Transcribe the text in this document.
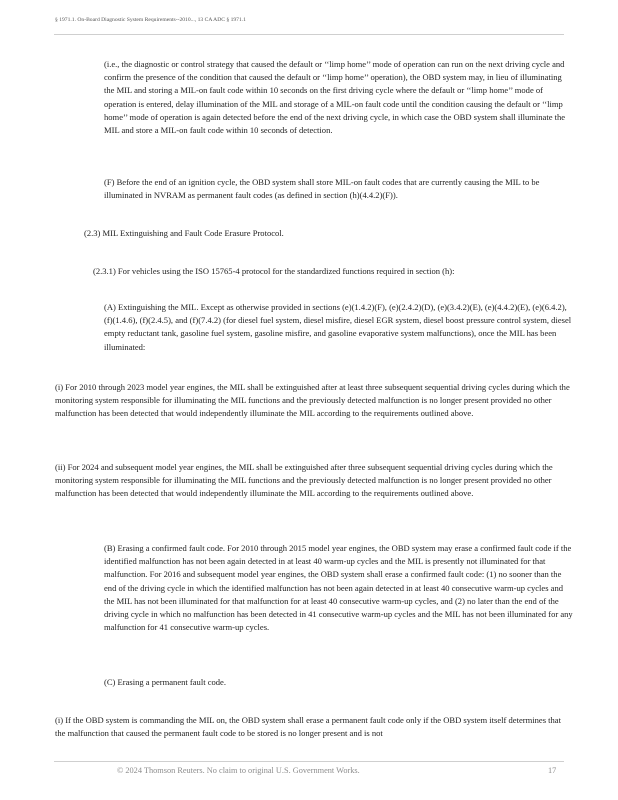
§ 1971.1. On-Board Diagnostic System Requirements--2010..., 13 CA ADC § 1971.1

(i.e., the diagnostic or control strategy that caused the default or ‘‘limp home’’ mode of operation can run on the next driving cycle and confirm the presence of the condition that caused the default or ‘‘limp home’’ operation), the OBD system may, in lieu of illuminating the MIL and storing a MIL-on fault code within 10 seconds on the first driving cycle where the default or ‘‘limp home’’ mode of operation is entered, delay illumination of the MIL and storage of a MIL-on fault code until the condition causing the default or ‘‘limp home’’ mode of operation is again detected before the end of the next driving cycle, in which case the OBD system shall illuminate the MIL and store a MIL-on fault code within 10 seconds of detection.

(F) Before the end of an ignition cycle, the OBD system shall store MIL-on fault codes that are currently causing the MIL to be illuminated in NVRAM as permanent fault codes (as defined in section (h)(4.4.2)(F)).

(2.3) MIL Extinguishing and Fault Code Erasure Protocol.

(2.3.1) For vehicles using the ISO 15765-4 protocol for the standardized functions required in section (h):

(A) Extinguishing the MIL. Except as otherwise provided in sections (e)(1.4.2)(F), (e)(2.4.2)(D), (e)(3.4.2)(E), (e)(4.4.2)(E), (e)(6.4.2), (f)(1.4.6), (f)(2.4.5), and (f)(7.4.2) (for diesel fuel system, diesel misfire, diesel EGR system, diesel boost pressure control system, diesel empty reductant tank, gasoline fuel system, gasoline misfire, and gasoline evaporative system malfunctions), once the MIL has been illuminated:

(i) For 2010 through 2023 model year engines, the MIL shall be extinguished after at least three subsequent sequential driving cycles during which the monitoring system responsible for illuminating the MIL functions and the previously detected malfunction is no longer present provided no other malfunction has been detected that would independently illuminate the MIL according to the requirements outlined above.

(ii) For 2024 and subsequent model year engines, the MIL shall be extinguished after three subsequent sequential driving cycles during which the monitoring system responsible for illuminating the MIL functions and the previously detected malfunction is no longer present provided no other malfunction has been detected that would independently illuminate the MIL according to the requirements outlined above.

(B) Erasing a confirmed fault code. For 2010 through 2015 model year engines, the OBD system may erase a confirmed fault code if the identified malfunction has not been again detected in at least 40 warm-up cycles and the MIL is presently not illuminated for that malfunction. For 2016 and subsequent model year engines, the OBD system shall erase a confirmed fault code: (1) no sooner than the end of the driving cycle in which the identified malfunction has not been again detected in at least 40 consecutive warm-up cycles and the MIL has not been illuminated for that malfunction for at least 40 consecutive warm-up cycles, and (2) no later than the end of the driving cycle in which no malfunction has been detected in 41 consecutive warm-up cycles and the MIL has not been illuminated for any malfunction for 41 consecutive warm-up cycles.

(C) Erasing a permanent fault code.

(i) If the OBD system is commanding the MIL on, the OBD system shall erase a permanent fault code only if the OBD system itself determines that the malfunction that caused the permanent fault code to be stored is no longer present and is not

© 2024 Thomson Reuters. No claim to original U.S. Government Works.	17
